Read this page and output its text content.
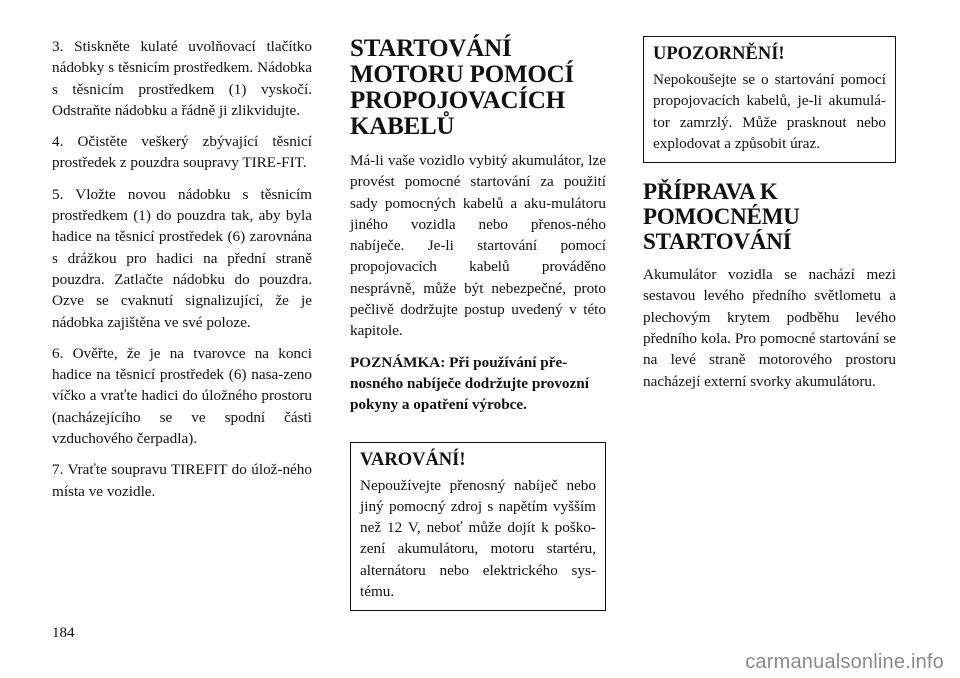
3. Stiskněte kulaté uvolňovací tlačítko nádobky s těsnicím prostředkem. Nádobka s těsnicím prostředkem (1) vyskočí. Odstraňte nádobku a řádně ji zlikvidujte.

4. Očistěte veškerý zbývající těsnicí prostředek z pouzdra soupravy TIRE-FIT.

5. Vložte novou nádobku s těsnicím prostředkem (1) do pouzdra tak, aby byla hadice na těsnicí prostředek (6) zarovnána s drážkou pro hadici na přední straně pouzdra. Zatlačte nádobku do pouzdra. Ozve se cvaknutí signalizující, že je nádobka zajištěna ve své poloze.

6. Ověřte, že je na tvarovce na konci hadice na těsnicí prostředek (6) nasa-zeno víčko a vraťte hadici do úložného prostoru (nacházejícího se ve spodní části vzduchového čerpadla).

7. Vraťte soupravu TIREFIT do úlož-ného místa ve vozidle.

STARTOVÁNÍ MOTORU POMOCÍ PROPOJOVACÍCH KABELŮ

Má-li vaše vozidlo vybitý akumulátor, lze provést pomocné startování za použití sady pomocných kabelů a aku-mulátoru jiného vozidla nebo přenos-ného nabíječe. Je-li startování pomocí propojovacích kabelů prováděno nesprávně, může být nebezpečné, proto pečlivě dodržujte postup uvedený v této kapitole.

POZNÁMKA: Při používání pře-nosného nabíječe dodržujte provozní pokyny a opatření výrobce.

VAROVÁNÍ!

Nepoužívejte přenosný nabíječ nebo jiný pomocný zdroj s napětím vyšším než 12 V, neboť může dojít k poško-zení akumulátoru, motoru startéru, alternátoru nebo elektrického sys-tému.

UPOZORNĚNÍ!

Nepokoušejte se o startování pomocí propojovacích kabelů, je-li akumulá-tor zamrzlý. Může prasknout nebo explodovat a způsobit úraz.

PŘÍPRAVA K POMOCNÉMU STARTOVÁNÍ

Akumulátor vozidla se nachází mezi sestavou levého předního světlometu a plechovým krytem podběhu levého předního kola. Pro pomocné startování se na levé straně motorového prostoru nacházejí externí svorky akumulátoru.

184
carmanualsonline.info
